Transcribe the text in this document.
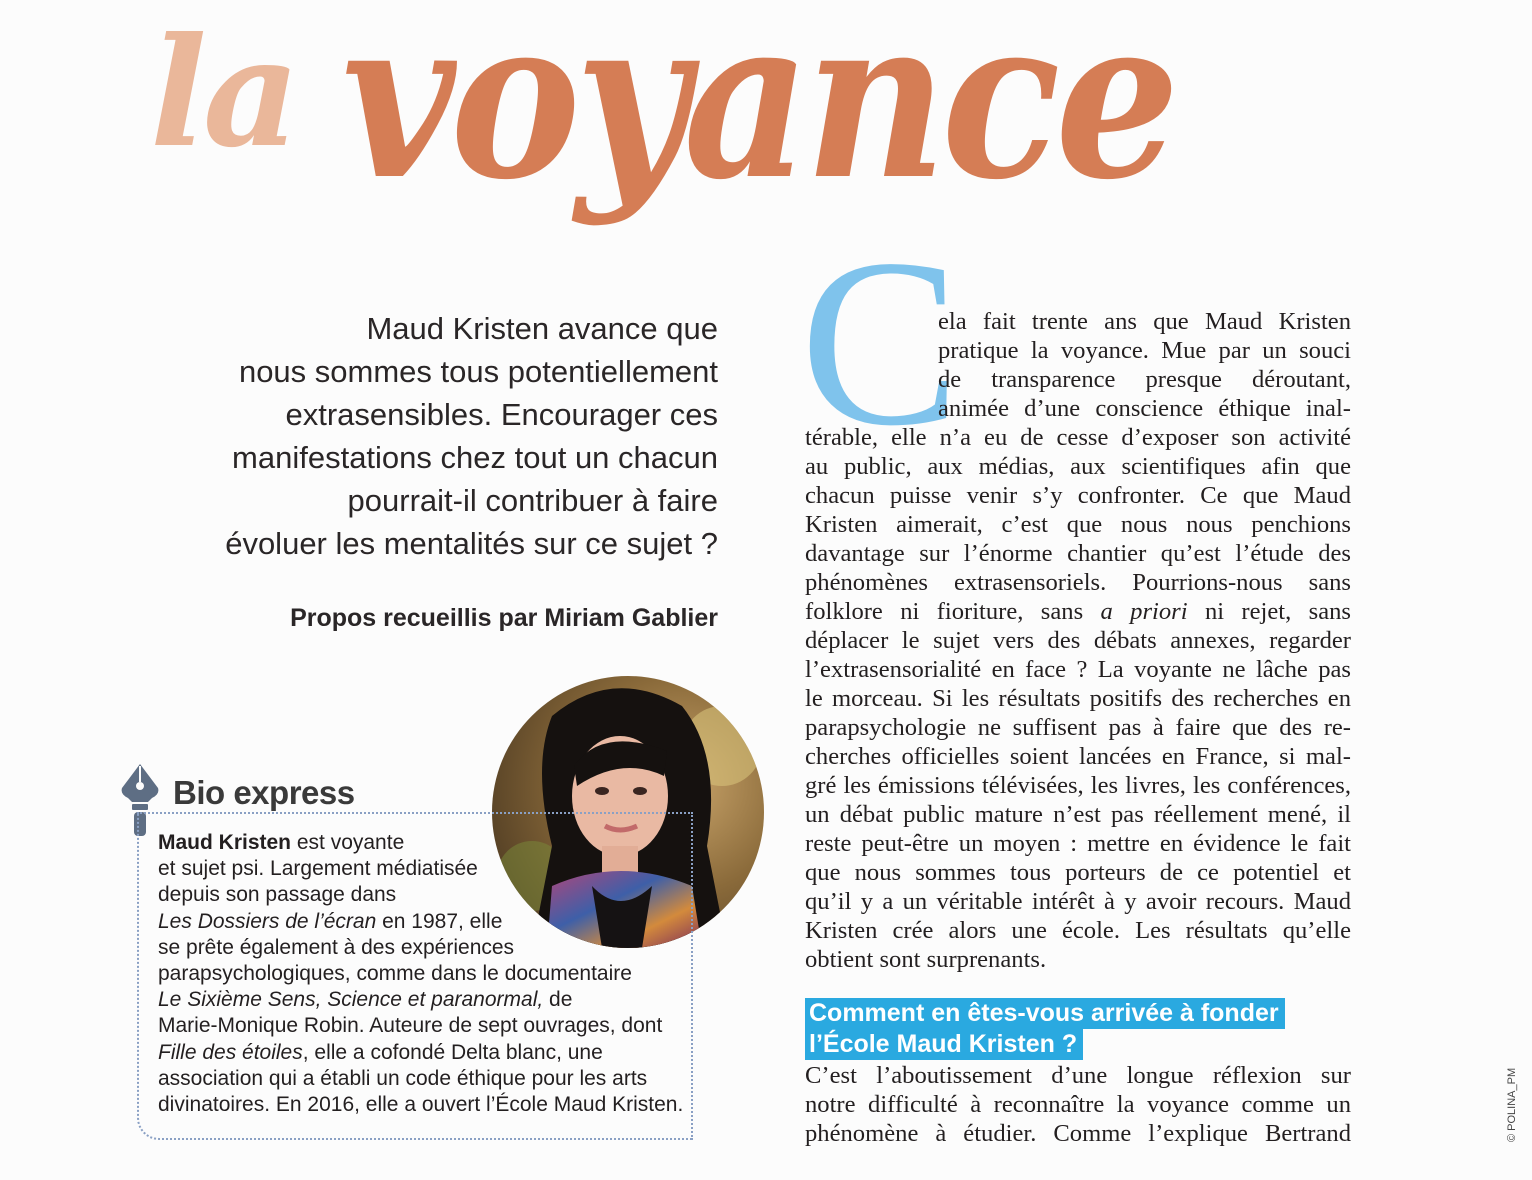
la voyance

Maud Kristen avance que

nous sommes tous potentiellement

extrasensibles. Encourager ces

manifestations chez tout un chacun

pourrait-il contribuer à faire

évoluer les mentalités sur ce sujet ?

Propos recueillis par Miriam Gablier
Bio express
Maud Kristen est voyante
et sujet psi. Largement médiatisée
depuis son passage dans
Les Dossiers de l’écran en 1987, elle
se prête également à des expériences
parapsychologiques, comme dans le documentaire
Le Sixième Sens, Science et paranormal, de
Marie-Monique Robin. Auteure de sept ouvrages, dont
Fille des étoiles, elle a cofondé Delta blanc, une
association qui a établi un code éthique pour les arts
divinatoires. En 2016, elle a ouvert l’École Maud Kristen.
C
ela fait trente ans que Maud Kristen
pratique la voyance. Mue par un souci
de transparence presque déroutant,
animée d’une conscience éthique inal-
térable, elle n’a eu de cesse d’exposer son activité
au public, aux médias, aux scientifiques afin que
chacun puisse venir s’y confronter. Ce que Maud
Kristen aimerait, c’est que nous nous penchions
davantage sur l’énorme chantier qu’est l’étude des
phénomènes extrasensoriels. Pourrions-nous sans
folklore ni fioriture, sans a priori ni rejet, sans
déplacer le sujet vers des débats annexes, regarder
l’extrasensorialité en face ? La voyante ne lâche pas
le morceau. Si les résultats positifs des recherches en
parapsychologie ne suffisent pas à faire que des re-
cherches officielles soient lancées en France, si mal-
gré les émissions télévisées, les livres, les conférences,
un débat public mature n’est pas réellement mené, il
reste peut-être un moyen : mettre en évidence le fait
que nous sommes tous porteurs de ce potentiel et
qu’il y a un véritable intérêt à y avoir recours. Maud
Kristen crée alors une école. Les résultats qu’elle
obtient sont surprenants.
Comment en êtes-vous arrivée à fonder
l’École Maud Kristen ?
C’est l’aboutissement d’une longue réflexion sur
notre difficulté à reconnaître la voyance comme un
phénomène à étudier. Comme l’explique Bertrand	© POLINA_PM
